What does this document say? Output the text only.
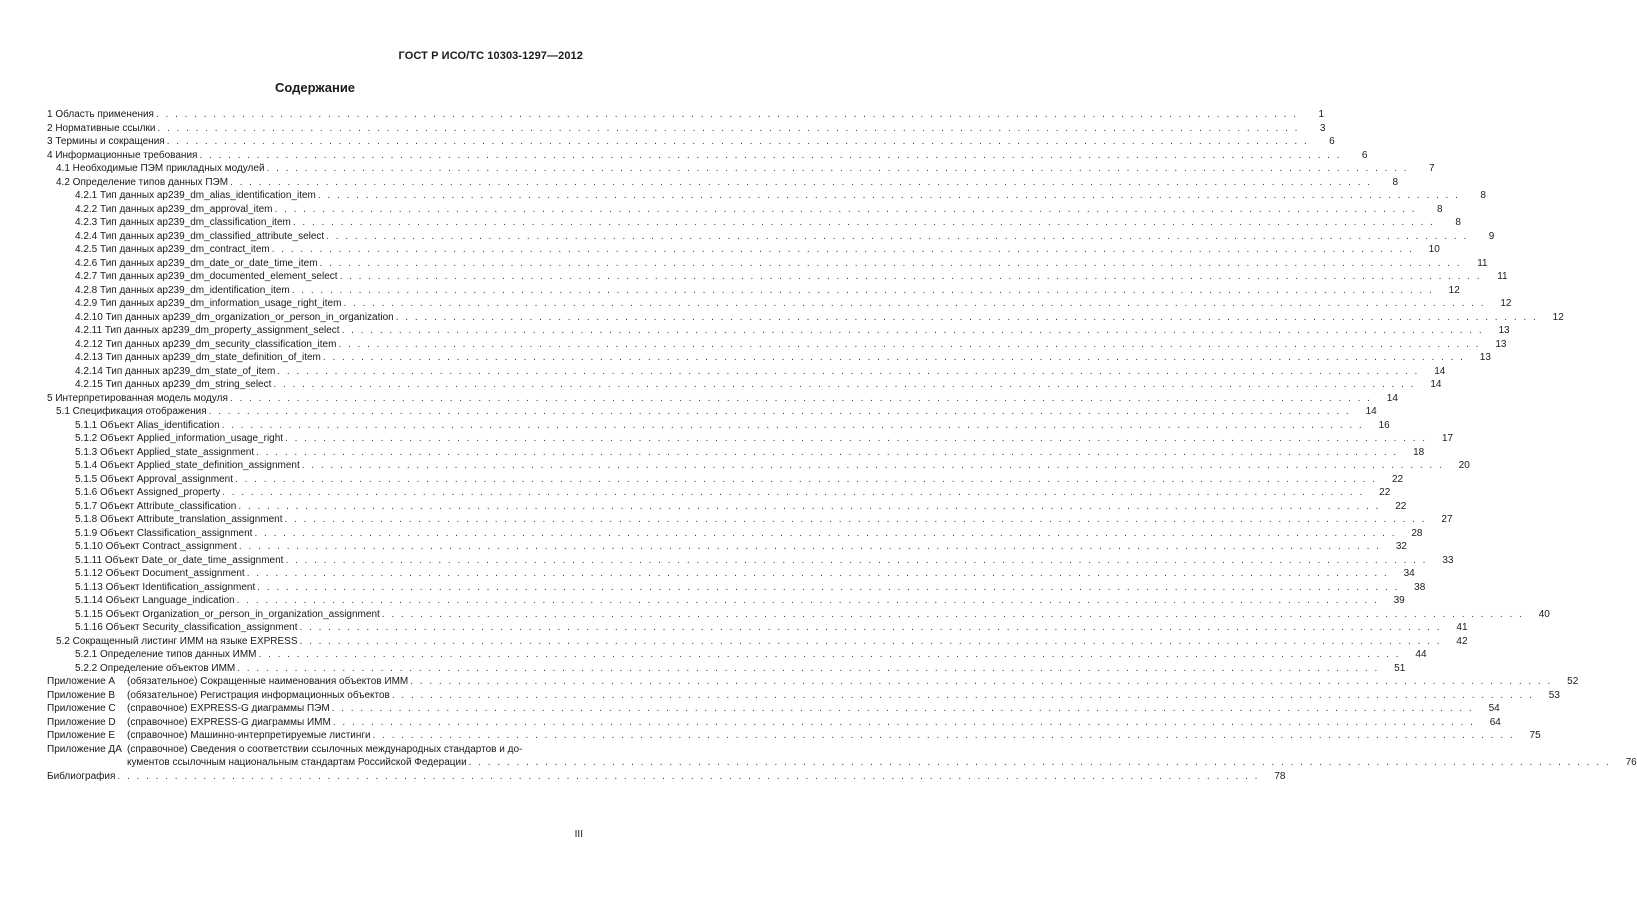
ГОСТ Р ИСО/ТС 10303-1297—2012
Содержание
1 Область применения . . . . . . . . . . . . . . . . . . . . . . . . . . . . . . . . . . . . . . . . . . . . . . . . . . . . . . . . . . . . . . . . . . . . . . . . . . . . . . . . . . . . . . . . . . . . . . . . . . . . . . . . . . . . . . . . . . . . . . . .	1
2 Нормативные ссылки . . . . . . . . . . . . . . . . . . . . . . . . . . . . . . . . . . . . . . . . . . . . . . . . . . . . . . . . . . . . . . . . . . . . . . . . . . . . . . . . . . . . . . . . . . . . . . . . . . . . . . . . . . . . . . . . . . . . . . . .	3
3 Термины и сокращения . . . . . . . . . . . . . . . . . . . . . . . . . . . . . . . . . . . . . . . . . . . . . . . . . . . . . . . . . . . . . . . . . . . . . . . . . . . . . . . . . . . . . . . . . . . . . . . . . . . . . . . . . . . . . . . . . . . . . . . .	6
4 Информационные требования . . . . . . . . . . . . . . . . . . . . . . . . . . . . . . . . . . . . . . . . . . . . . . . . . . . . . . . . . . . . . . . . . . . . . . . . . . . . . . . . . . . . . . . . . . . . . . . . . . . . . . . . . . . . . . . . . . . . . . . .	6
4.1 Необходимые ПЭМ прикладных модулей . . . . . . . . . . . . . . . . . . . . . . . . . . . . . . . . . . . . . . . . . . . . . . . . . . . . . . . . . . . . . . . . . . . . . . . . . . . . . . . . . . . . . . . . . . . . . . . . . . . . . . . . . . . . . . . . . . . . . . . .	7
4.2 Определение типов данных ПЭМ . . . . . . . . . . . . . . . . . . . . . . . . . . . . . . . . . . . . . . . . . . . . . . . . . . . . . . . . . . . . . . . . . . . . . . . . . . . . . . . . . . . . . . . . . . . . . . . . . . . . . . . . . . . . . . . . . . . . . . . .	8
4.2.1 Тип данных ap239_dm_alias_identification_item . . . . . . . . . . . . . . . . . . . . . . . . . . . . . . . . . . . . . . . . . . . . . . . . . . . . . . . . . . . . . . . . . . . . . . . . . . . . . . . . . . . . . . . . . . . . . . . . . . . . . . . . . . . . . . . . . . . . . . . .	8
4.2.2 Тип данных ap239_dm_approval_item . . . . . . . . . . . . . . . . . . . . . . . . . . . . . . . . . . . . . . . . . . . . . . . . . . . . . . . . . . . . . . . . . . . . . . . . . . . . . . . . . . . . . . . . . . . . . . . . . . . . . . . . . . . . . . . . . . . . . . . .	8
4.2.3 Тип данных ap239_dm_classification_item . . . . . . . . . . . . . . . . . . . . . . . . . . . . . . . . . . . . . . . . . . . . . . . . . . . . . . . . . . . . . . . . . . . . . . . . . . . . . . . . . . . . . . . . . . . . . . . . . . . . . . . . . . . . . . . . . . . . . . . .	8
4.2.4 Тип данных ap239_dm_classified_attribute_select . . . . . . . . . . . . . . . . . . . . . . . . . . . . . . . . . . . . . . . . . . . . . . . . . . . . . . . . . . . . . . . . . . . . . . . . . . . . . . . . . . . . . . . . . . . . . . . . . . . . . . . . . . . . . . . . . . . . . . . .	9
4.2.5 Тип данных ap239_dm_contract_item . . . . . . . . . . . . . . . . . . . . . . . . . . . . . . . . . . . . . . . . . . . . . . . . . . . . . . . . . . . . . . . . . . . . . . . . . . . . . . . . . . . . . . . . . . . . . . . . . . . . . . . . . . . . . . . . . . . . . . . .	10
4.2.6 Тип данных ap239_dm_date_or_date_time_item . . . . . . . . . . . . . . . . . . . . . . . . . . . . . . . . . . . . . . . . . . . . . . . . . . . . . . . . . . . . . . . . . . . . . . . . . . . . . . . . . . . . . . . . . . . . . . . . . . . . . . . . . . . . . . . . . . . . . . . .	11
4.2.7 Тип данных ap239_dm_documented_element_select . . . . . . . . . . . . . . . . . . . . . . . . . . . . . . . . . . . . . . . . . . . . . . . . . . . . . . . . . . . . . . . . . . . . . . . . . . . . . . . . . . . . . . . . . . . . . . . . . . . . . . . . . . . . . . . . . . . . . . . .	11
4.2.8 Тип данных ap239_dm_identification_item . . . . . . . . . . . . . . . . . . . . . . . . . . . . . . . . . . . . . . . . . . . . . . . . . . . . . . . . . . . . . . . . . . . . . . . . . . . . . . . . . . . . . . . . . . . . . . . . . . . . . . . . . . . . . . . . . . . . . . . .	12
4.2.9 Тип данных ap239_dm_information_usage_right_item . . . . . . . . . . . . . . . . . . . . . . . . . . . . . . . . . . . . . . . . . . . . . . . . . . . . . . . . . . . . . . . . . . . . . . . . . . . . . . . . . . . . . . . . . . . . . . . . . . . . . . . . . . . . . . . . . . . . . . . .	12
4.2.10 Тип данных ap239_dm_organization_or_person_in_organization . . . . . . . . . . . . . . . . . . . . . . . . . . . . . . . . . . . . . . . . . . . . . . . . . . . . . . . . . . . . . . . . . . . . . . . . . . . . . . . . . . . . . . . . . . . . . . . . . . . . . . . . . . . . . . . . . . . . . . . .	12
4.2.11 Тип данных ap239_dm_property_assignment_select . . . . . . . . . . . . . . . . . . . . . . . . . . . . . . . . . . . . . . . . . . . . . . . . . . . . . . . . . . . . . . . . . . . . . . . . . . . . . . . . . . . . . . . . . . . . . . . . . . . . . . . . . . . . . . . . . . . . . . . .	13
4.2.12 Тип данных ap239_dm_security_classification_item . . . . . . . . . . . . . . . . . . . . . . . . . . . . . . . . . . . . . . . . . . . . . . . . . . . . . . . . . . . . . . . . . . . . . . . . . . . . . . . . . . . . . . . . . . . . . . . . . . . . . . . . . . . . . . . . . . . . . . . .	13
4.2.13 Тип данных ap239_dm_state_definition_of_item . . . . . . . . . . . . . . . . . . . . . . . . . . . . . . . . . . . . . . . . . . . . . . . . . . . . . . . . . . . . . . . . . . . . . . . . . . . . . . . . . . . . . . . . . . . . . . . . . . . . . . . . . . . . . . . . . . . . . . . .	13
4.2.14 Тип данных ap239_dm_state_of_item . . . . . . . . . . . . . . . . . . . . . . . . . . . . . . . . . . . . . . . . . . . . . . . . . . . . . . . . . . . . . . . . . . . . . . . . . . . . . . . . . . . . . . . . . . . . . . . . . . . . . . . . . . . . . . . . . . . . . . . .	14
4.2.15 Тип данных ap239_dm_string_select . . . . . . . . . . . . . . . . . . . . . . . . . . . . . . . . . . . . . . . . . . . . . . . . . . . . . . . . . . . . . . . . . . . . . . . . . . . . . . . . . . . . . . . . . . . . . . . . . . . . . . . . . . . . . . . . . . . . . . . .	14
5 Интерпретированная модель модуля . . . . . . . . . . . . . . . . . . . . . . . . . . . . . . . . . . . . . . . . . . . . . . . . . . . . . . . . . . . . . . . . . . . . . . . . . . . . . . . . . . . . . . . . . . . . . . . . . . . . . . . . . . . . . . . . . . . . . . . .	14
5.1 Спецификация отображения . . . . . . . . . . . . . . . . . . . . . . . . . . . . . . . . . . . . . . . . . . . . . . . . . . . . . . . . . . . . . . . . . . . . . . . . . . . . . . . . . . . . . . . . . . . . . . . . . . . . . . . . . . . . . . . . . . . . . . . .	14
5.1.1 Объект Alias_identification . . . . . . . . . . . . . . . . . . . . . . . . . . . . . . . . . . . . . . . . . . . . . . . . . . . . . . . . . . . . . . . . . . . . . . . . . . . . . . . . . . . . . . . . . . . . . . . . . . . . . . . . . . . . . . . . . . . . . . . .	16
5.1.2 Объект Applied_information_usage_right . . . . . . . . . . . . . . . . . . . . . . . . . . . . . . . . . . . . . . . . . . . . . . . . . . . . . . . . . . . . . . . . . . . . . . . . . . . . . . . . . . . . . . . . . . . . . . . . . . . . . . . . . . . . . . . . . . . . . . . .	17
5.1.3 Объект Applied_state_assignment . . . . . . . . . . . . . . . . . . . . . . . . . . . . . . . . . . . . . . . . . . . . . . . . . . . . . . . . . . . . . . . . . . . . . . . . . . . . . . . . . . . . . . . . . . . . . . . . . . . . . . . . . . . . . . . . . . . . . . . .	18
5.1.4 Объект Applied_state_definition_assignment . . . . . . . . . . . . . . . . . . . . . . . . . . . . . . . . . . . . . . . . . . . . . . . . . . . . . . . . . . . . . . . . . . . . . . . . . . . . . . . . . . . . . . . . . . . . . . . . . . . . . . . . . . . . . . . . . . . . . . . .	20
5.1.5 Объект Approval_assignment . . . . . . . . . . . . . . . . . . . . . . . . . . . . . . . . . . . . . . . . . . . . . . . . . . . . . . . . . . . . . . . . . . . . . . . . . . . . . . . . . . . . . . . . . . . . . . . . . . . . . . . . . . . . . . . . . . . . . . . .	22
5.1.6 Объект Assigned_property . . . . . . . . . . . . . . . . . . . . . . . . . . . . . . . . . . . . . . . . . . . . . . . . . . . . . . . . . . . . . . . . . . . . . . . . . . . . . . . . . . . . . . . . . . . . . . . . . . . . . . . . . . . . . . . . . . . . . . . .	22
5.1.7 Объект Attribute_classification . . . . . . . . . . . . . . . . . . . . . . . . . . . . . . . . . . . . . . . . . . . . . . . . . . . . . . . . . . . . . . . . . . . . . . . . . . . . . . . . . . . . . . . . . . . . . . . . . . . . . . . . . . . . . . . . . . . . . . . .	22
5.1.8 Объект Attribute_translation_assignment . . . . . . . . . . . . . . . . . . . . . . . . . . . . . . . . . . . . . . . . . . . . . . . . . . . . . . . . . . . . . . . . . . . . . . . . . . . . . . . . . . . . . . . . . . . . . . . . . . . . . . . . . . . . . . . . . . . . . . . .	27
5.1.9 Объект Classification_assignment . . . . . . . . . . . . . . . . . . . . . . . . . . . . . . . . . . . . . . . . . . . . . . . . . . . . . . . . . . . . . . . . . . . . . . . . . . . . . . . . . . . . . . . . . . . . . . . . . . . . . . . . . . . . . . . . . . . . . . . .	28
5.1.10 Объект Contract_assignment . . . . . . . . . . . . . . . . . . . . . . . . . . . . . . . . . . . . . . . . . . . . . . . . . . . . . . . . . . . . . . . . . . . . . . . . . . . . . . . . . . . . . . . . . . . . . . . . . . . . . . . . . . . . . . . . . . . . . . . .	32
5.1.11 Объект Date_or_date_time_assignment . . . . . . . . . . . . . . . . . . . . . . . . . . . . . . . . . . . . . . . . . . . . . . . . . . . . . . . . . . . . . . . . . . . . . . . . . . . . . . . . . . . . . . . . . . . . . . . . . . . . . . . . . . . . . . . . . . . . . . . .	33
5.1.12 Объект Document_assignment . . . . . . . . . . . . . . . . . . . . . . . . . . . . . . . . . . . . . . . . . . . . . . . . . . . . . . . . . . . . . . . . . . . . . . . . . . . . . . . . . . . . . . . . . . . . . . . . . . . . . . . . . . . . . . . . . . . . . . . .	34
5.1.13 Объект Identification_assignment . . . . . . . . . . . . . . . . . . . . . . . . . . . . . . . . . . . . . . . . . . . . . . . . . . . . . . . . . . . . . . . . . . . . . . . . . . . . . . . . . . . . . . . . . . . . . . . . . . . . . . . . . . . . . . . . . . . . . . . .	38
5.1.14 Объект Language_indication . . . . . . . . . . . . . . . . . . . . . . . . . . . . . . . . . . . . . . . . . . . . . . . . . . . . . . . . . . . . . . . . . . . . . . . . . . . . . . . . . . . . . . . . . . . . . . . . . . . . . . . . . . . . . . . . . . . . . . . .	39
5.1.15 Объект Organization_or_person_in_organization_assignment . . . . . . . . . . . . . . . . . . . . . . . . . . . . . . . . . . . . . . . . . . . . . . . . . . . . . . . . . . . . . . . . . . . . . . . . . . . . . . . . . . . . . . . . . . . . . . . . . . . . . . . . . . . . . . . . . . . . . . . .	40
5.1.16 Объект Security_classification_assignment . . . . . . . . . . . . . . . . . . . . . . . . . . . . . . . . . . . . . . . . . . . . . . . . . . . . . . . . . . . . . . . . . . . . . . . . . . . . . . . . . . . . . . . . . . . . . . . . . . . . . . . . . . . . . . . . . . . . . . . .	41
5.2 Сокращенный листинг ИММ на языке EXPRESS . . . . . . . . . . . . . . . . . . . . . . . . . . . . . . . . . . . . . . . . . . . . . . . . . . . . . . . . . . . . . . . . . . . . . . . . . . . . . . . . . . . . . . . . . . . . . . . . . . . . . . . . . . . . . . . . . . . . . . . .	42
5.2.1 Определение типов данных ИММ . . . . . . . . . . . . . . . . . . . . . . . . . . . . . . . . . . . . . . . . . . . . . . . . . . . . . . . . . . . . . . . . . . . . . . . . . . . . . . . . . . . . . . . . . . . . . . . . . . . . . . . . . . . . . . . . . . . . . . . .	44
5.2.2 Определение объектов ИММ . . . . . . . . . . . . . . . . . . . . . . . . . . . . . . . . . . . . . . . . . . . . . . . . . . . . . . . . . . . . . . . . . . . . . . . . . . . . . . . . . . . . . . . . . . . . . . . . . . . . . . . . . . . . . . . . . . . . . . . .	51
Приложение А (обязательное) Сокращенные наименования объектов ИММ . . . . . . . . . . . . . . . . . . . . . . . . . . . . . . . . . . . . . . . . . . . . . . . . . . . . . . . . . . . . . . . . . . . . . . . . . . . . . . . . . . . . . . . . . . . . . . . . . . . . . . . . . . . . . . . . . . . . . . . .	52
Приложение В (обязательное) Регистрация информационных объектов . . . . . . . . . . . . . . . . . . . . . . . . . . . . . . . . . . . . . . . . . . . . . . . . . . . . . . . . . . . . . . . . . . . . . . . . . . . . . . . . . . . . . . . . . . . . . . . . . . . . . . . . . . . . . . . . . . . . . . . .	53
Приложение С (справочное) EXPRESS-G диаграммы ПЭМ . . . . . . . . . . . . . . . . . . . . . . . . . . . . . . . . . . . . . . . . . . . . . . . . . . . . . . . . . . . . . . . . . . . . . . . . . . . . . . . . . . . . . . . . . . . . . . . . . . . . . . . . . . . . . . . . . . . . . . . .	54
Приложение D (справочное) EXPRESS-G диаграммы ИММ . . . . . . . . . . . . . . . . . . . . . . . . . . . . . . . . . . . . . . . . . . . . . . . . . . . . . . . . . . . . . . . . . . . . . . . . . . . . . . . . . . . . . . . . . . . . . . . . . . . . . . . . . . . . . . . . . . . . . . . .	64
Приложение Е (справочное) Машинно-интерпретируемые листинги . . . . . . . . . . . . . . . . . . . . . . . . . . . . . . . . . . . . . . . . . . . . . . . . . . . . . . . . . . . . . . . . . . . . . . . . . . . . . . . . . . . . . . . . . . . . . . . . . . . . . . . . . . . . . . . . . . . . . . . .	75
Приложение ДА (справочное) Сведения о соответствии ссылочных международных стандартов и до-
кументов ссылочным национальным стандартам Российской Федерации . . . . . . . . . . . . . . . . . . . . . . . . . . . . . . . . . . . . . . . . . . . . . . . . . . . . . . . . . . . . . . . . . . . . . . . . . . . . . . . . . . . . . . . . . . . . . . . . . . . . . . . . . . . . . . . . . . . . . . . .	76
Библиография . . . . . . . . . . . . . . . . . . . . . . . . . . . . . . . . . . . . . . . . . . . . . . . . . . . . . . . . . . . . . . . . . . . . . . . . . . . . . . . . . . . . . . . . . . . . . . . . . . . . . . . . . . . . . . . . . . . . . . . .	78
III
